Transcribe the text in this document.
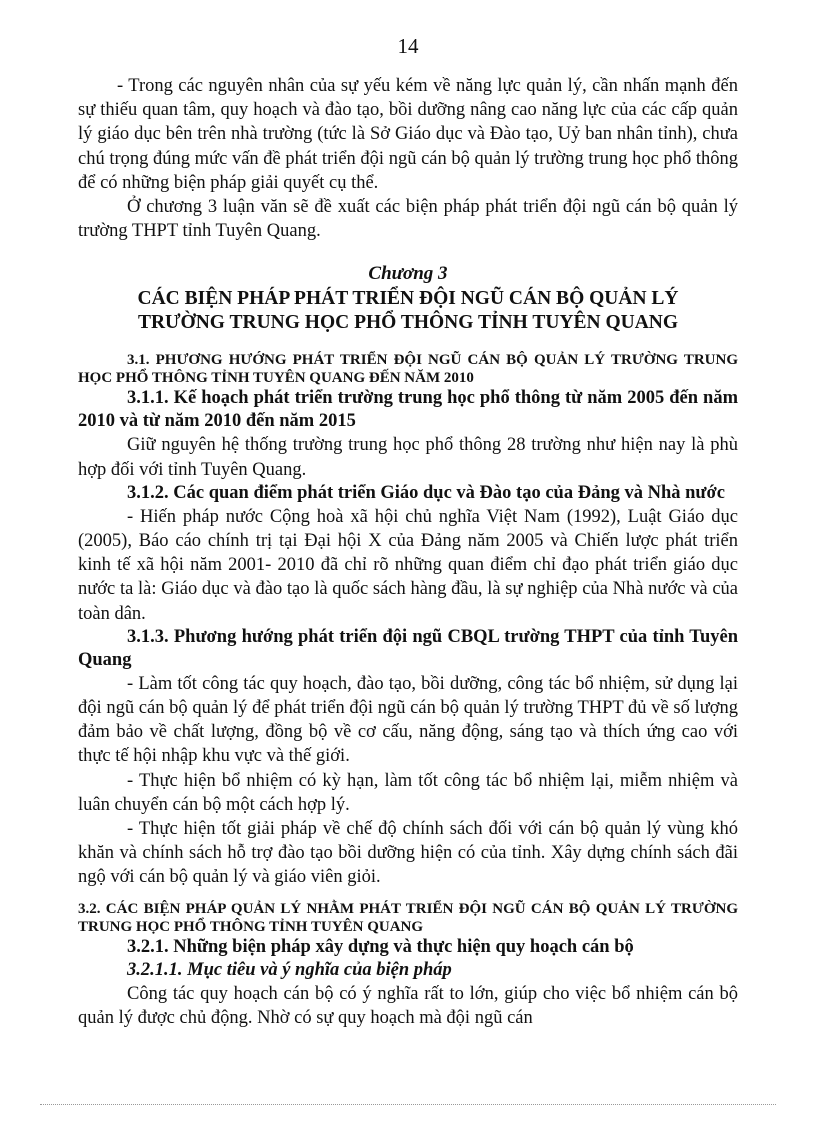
14

- Trong các nguyên nhân của sự yếu kém về năng lực quản lý, cần nhấn mạnh đến sự thiếu quan tâm, quy hoạch và đào tạo, bồi dưỡng nâng cao năng lực của các cấp quản lý giáo dục bên trên nhà trường (tức là Sở Giáo dục và Đào tạo, Uỷ ban nhân tỉnh), chưa chú trọng đúng mức vấn đề phát triển đội ngũ cán bộ quản lý trường trung học phổ thông để có những biện pháp giải quyết cụ thể.

Ở chương 3 luận văn sẽ đề xuất các biện pháp phát triển đội ngũ cán bộ quản lý trường THPT tỉnh Tuyên Quang.

Chương 3
CÁC BIỆN PHÁP PHÁT TRIỂN ĐỘI NGŨ CÁN BỘ QUẢN LÝ
TRƯỜNG TRUNG HỌC PHỔ THÔNG TỈNH TUYÊN QUANG

3.1. PHƯƠNG HƯỚNG PHÁT TRIỂN ĐỘI NGŨ CÁN BỘ QUẢN LÝ TRƯỜNG TRUNG HỌC PHỔ THÔNG TỈNH TUYÊN QUANG ĐẾN NĂM 2010

3.1.1. Kế hoạch phát triển trường trung học phổ thông từ năm 2005 đến năm 2010 và từ năm 2010 đến năm 2015

Giữ nguyên hệ thống trường trung học phổ thông 28 trường như hiện nay là phù hợp đối với tỉnh Tuyên Quang.

3.1.2. Các quan điểm phát triển Giáo dục và Đào tạo của Đảng và Nhà nước

- Hiến pháp nước Cộng hoà xã hội chủ nghĩa Việt Nam (1992), Luật Giáo dục (2005), Báo cáo chính trị tại Đại hội X của Đảng năm 2005 và Chiến lược phát triển kinh tế xã hội năm 2001- 2010 đã chỉ rõ những quan điểm chỉ đạo phát triển giáo dục nước ta là: Giáo dục và đào tạo là quốc sách hàng đầu, là sự nghiệp của Nhà nước và của toàn dân.

3.1.3. Phương hướng phát triển đội ngũ CBQL trường THPT của tỉnh Tuyên Quang

- Làm tốt công tác quy hoạch, đào tạo, bồi dưỡng, công tác bổ nhiệm, sử dụng lại đội ngũ cán bộ quản lý để phát triển đội ngũ cán bộ quản lý trường THPT đủ về số lượng đảm bảo về chất lượng, đồng bộ về cơ cấu, năng động, sáng tạo và thích ứng cao với thực tế hội nhập khu vực và thế giới.

- Thực hiện bổ nhiệm có kỳ hạn, làm tốt công tác bổ nhiệm lại, miễm nhiệm và luân chuyển cán bộ một cách hợp lý.

- Thực hiện tốt giải pháp về chế độ chính sách đối với cán bộ quản lý vùng khó khăn và chính sách hỗ trợ đào tạo bồi dưỡng hiện có của tỉnh. Xây dựng chính sách đãi ngộ với cán bộ quản lý và giáo viên giỏi.

3.2. CÁC BIỆN PHÁP QUẢN LÝ NHẰM PHÁT TRIỂN ĐỘI NGŨ CÁN BỘ QUẢN LÝ TRƯỜNG TRUNG HỌC PHỔ THÔNG TỈNH TUYÊN QUANG

3.2.1. Những biện pháp xây dựng và thực hiện quy hoạch cán bộ

3.2.1.1. Mục tiêu và ý nghĩa của biện pháp

Công tác quy hoạch cán bộ có ý nghĩa rất to lớn, giúp cho việc bổ nhiệm cán bộ quản lý được chủ động. Nhờ có sự quy hoạch mà đội ngũ cán
